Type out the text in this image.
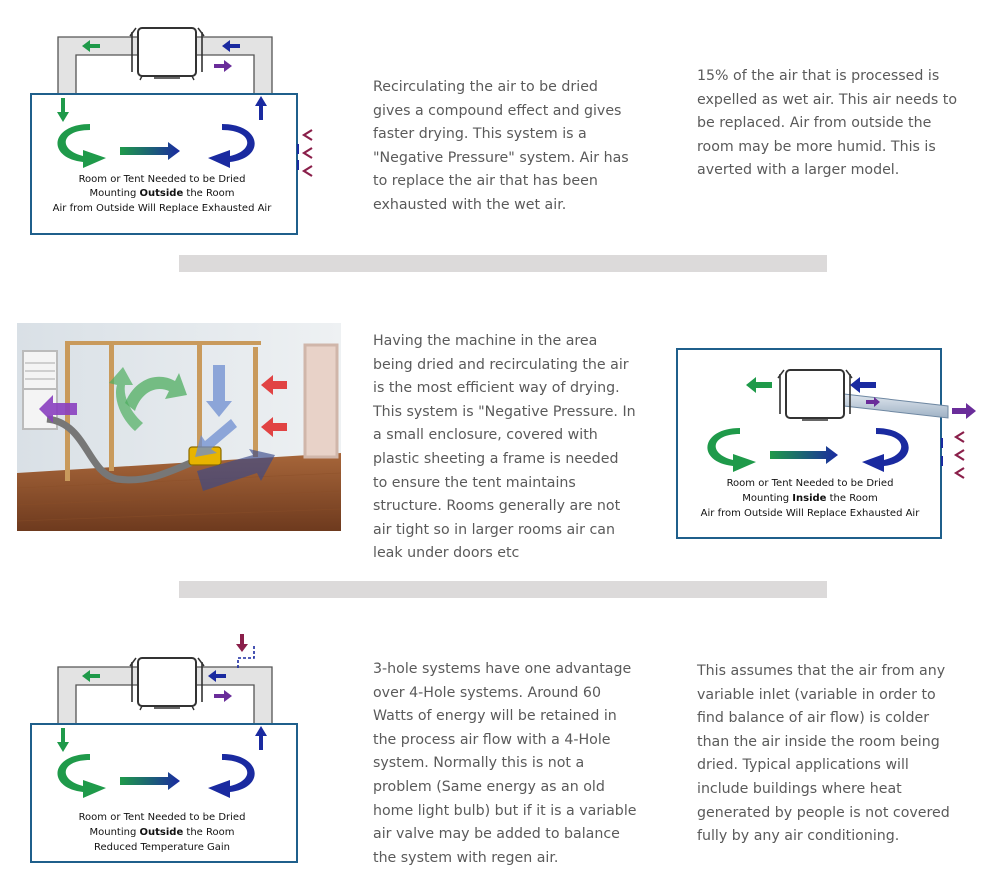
Room or Tent Needed to be Dried
Mounting Outside the Room
Air from Outside Will Replace Exhausted Air

Recirculating the air to be dried gives a compound effect and gives faster drying. This system is a "Negative Pressure" system. Air has to replace the air that has been exhausted with the wet air.

15% of the air that is processed is expelled as wet air. This air needs to be replaced. Air from outside the room may be more humid. This is averted with a larger model.

Having the machine in the area being dried and recirculating the air is the most efficient way of drying. This system is "Negative Pressure. In a small enclosure, covered with plastic sheeting a frame is needed to ensure the tent maintains structure. Rooms generally are not air tight so in larger rooms air can leak under doors etc

Room or Tent Needed to be Dried
Mounting Inside the Room
Air from Outside Will Replace Exhausted Air
Room or Tent Needed to be Dried
Mounting Outside the Room
Reduced Temperature Gain

3-hole systems have one advantage over 4-Hole systems. Around 60 Watts of energy will be retained in the process air flow with a 4-Hole system. Normally this is not a problem (Same energy as an old home light bulb) but if it is a variable air valve may be added to balance the system with regen air.

This assumes that the air from any variable inlet (variable in order to find balance of air flow) is colder than the air inside the room being dried. Typical applications will include buildings where heat generated by people is not covered fully by any air conditioning.
